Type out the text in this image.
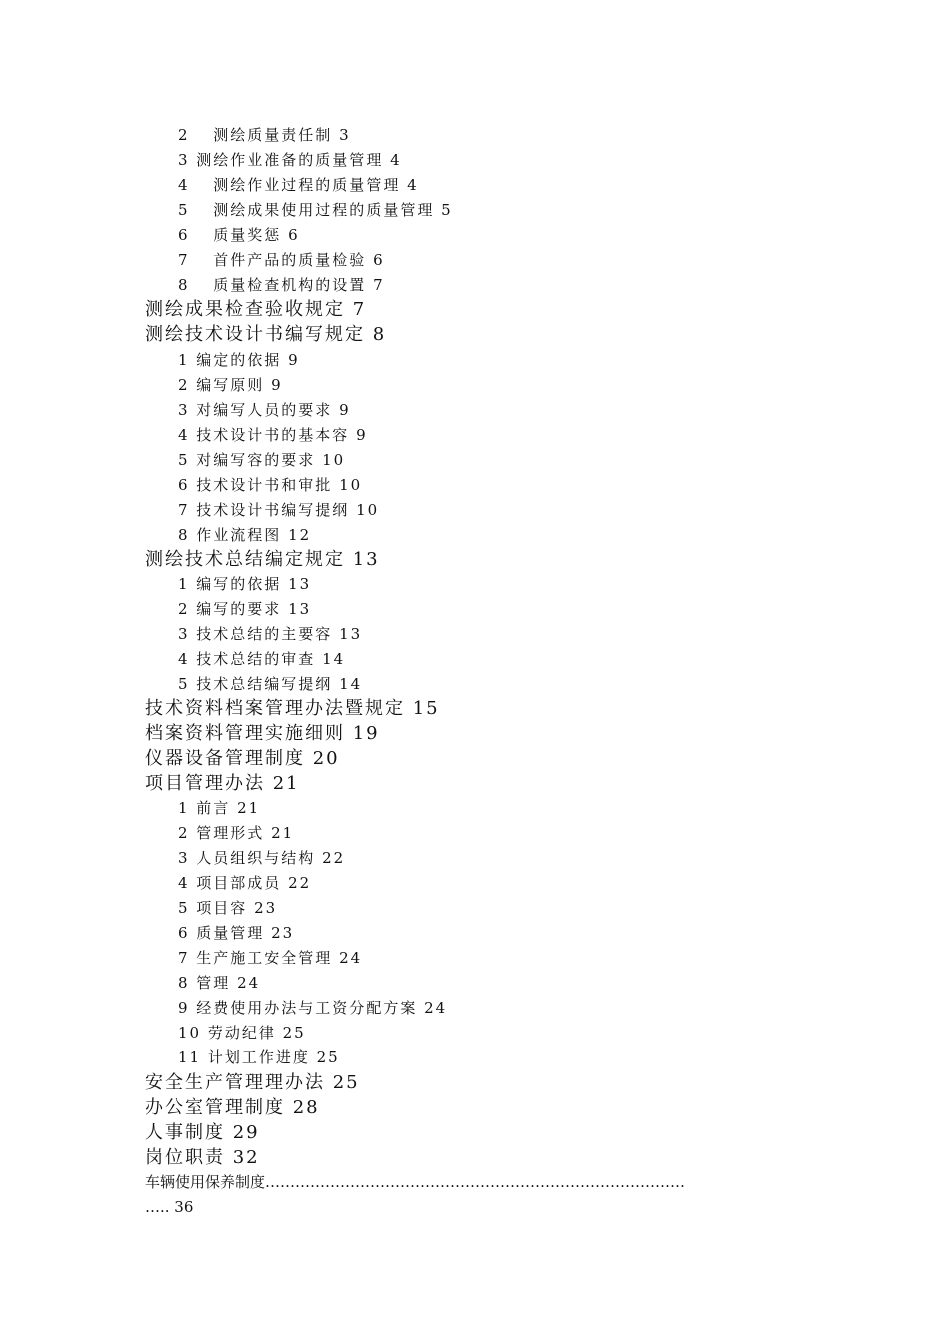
2 　测绘质量责任制 3
3 测绘作业准备的质量管理 4
4 　测绘作业过程的质量管理 4
5 　测绘成果使用过程的质量管理 5
6 　质量奖惩 6
7 　首件产品的质量检验 6
8 　质量检查机构的设置 7
测绘成果检查验收规定 7
测绘技术设计书编写规定 8
1 编定的依据 9
2 编写原则 9
3 对编写人员的要求 9
4 技术设计书的基本容 9
5 对编写容的要求 10
6 技术设计书和审批 10
7 技术设计书编写提纲 10
8 作业流程图 12
测绘技术总结编定规定 13
1 编写的依据 13
2 编写的要求 13
3 技术总结的主要容 13
4 技术总结的审查 14
5 技术总结编写提纲 14
技术资料档案管理办法暨规定 15
档案资料管理实施细则 19
仪器设备管理制度 20
项目管理办法 21
1 前言 21
2 管理形式 21
3 人员组织与结构 22
4 项目部成员 22
5 项目容 23
6 质量管理 23
7 生产施工安全管理 24
8 管理 24
9 经费使用办法与工资分配方案 24
10 劳动纪律 25
11 计划工作进度 25
安全生产管理理办法 25
办公室管理制度 28
人事制度 29
岗位职责 32
车辆使用保养制度…………………………………………………………………………
….. 36
